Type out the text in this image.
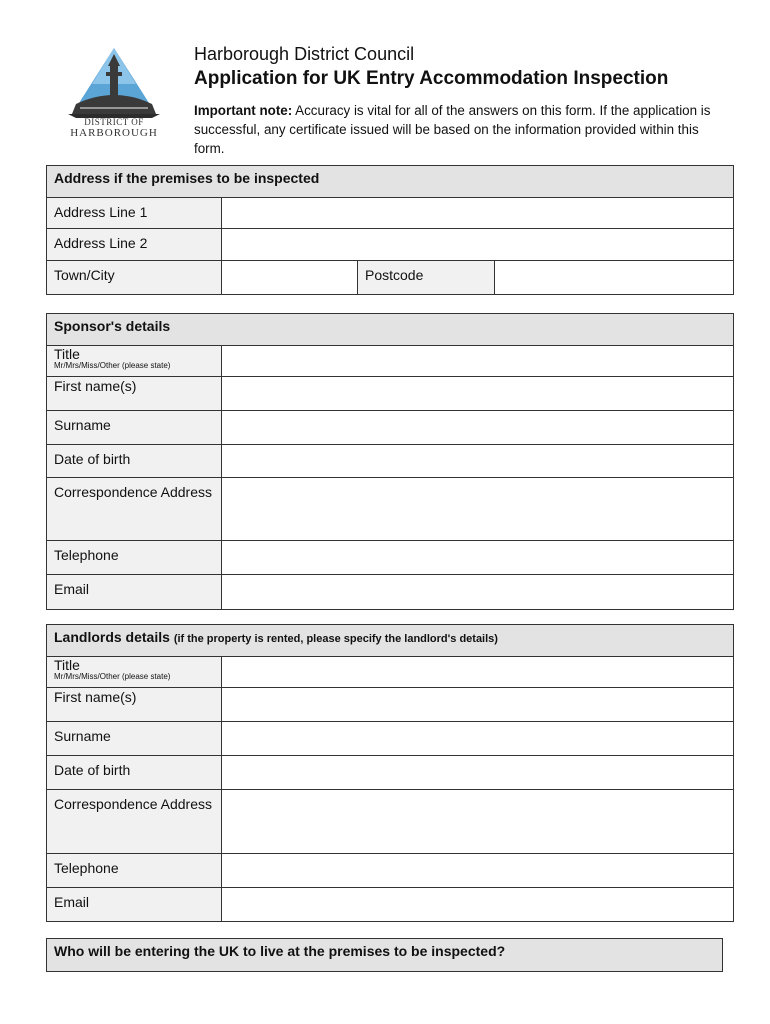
DISTRICT OF
HARBOROUGH
Harborough District Council
Application for UK Entry Accommodation Inspection
Important note: Accuracy is vital for all of the answers on this form. If the application is successful, any certificate issued will be based on the information provided within this form.
Address if the premises to be inspected			
Address Line 1			
Address Line 2			
Town/City		Postcode	
Sponsor's details	

Title
Mr/Mrs/Miss/Other (please state)	

First name(s)	
Surname	
Date of birth	
Correspondence Address	
Telephone	
Email	
Landlords details (if the property is rented, please specify the landlord's details)	

Title
Mr/Mrs/Miss/Other (please state)	

First name(s)	
Surname	
Date of birth	
Correspondence Address	
Telephone	
Email	
Who will be entering the UK to live at the premises to be inspected?
